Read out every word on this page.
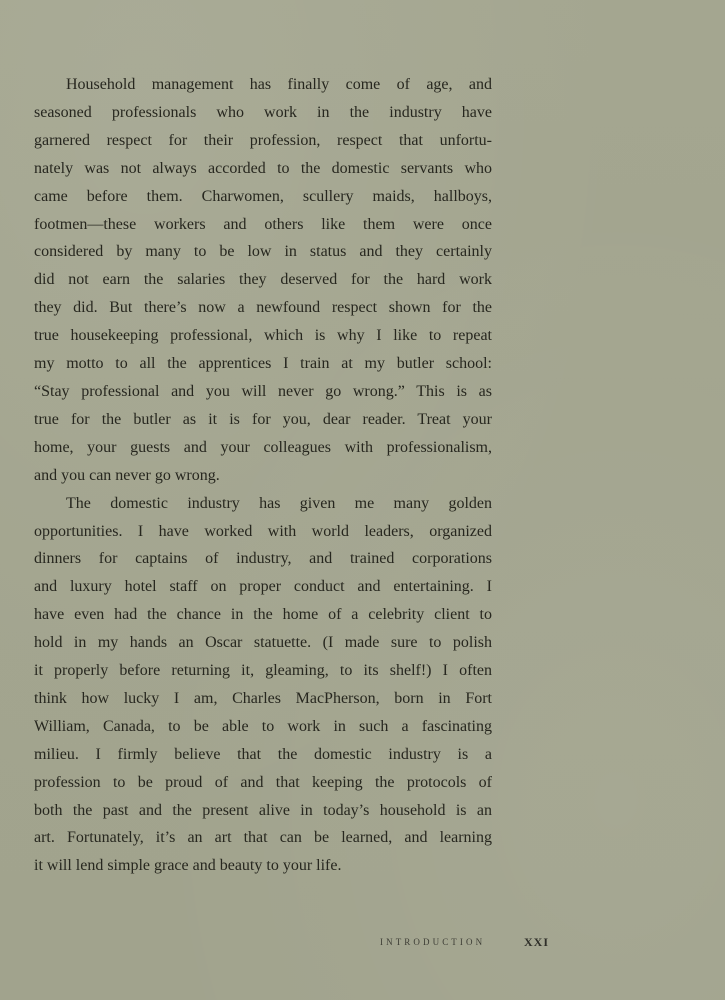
Household management has finally come of age, and
seasoned professionals who work in the industry have
garnered respect for their profession, respect that unfortu-
nately was not always accorded to the domestic servants who
came before them. Charwomen, scullery maids, hallboys,
footmen—these workers and others like them were once
considered by many to be low in status and they certainly
did not earn the salaries they deserved for the hard work
they did. But there’s now a newfound respect shown for the
true housekeeping professional, which is why I like to repeat
my motto to all the apprentices I train at my butler school:
“Stay professional and you will never go wrong.” This is as
true for the butler as it is for you, dear reader. Treat your
home, your guests and your colleagues with professionalism,
and you can never go wrong.

The domestic industry has given me many golden
opportunities. I have worked with world leaders, organized
dinners for captains of industry, and trained corporations
and luxury hotel staff on proper conduct and entertaining. I
have even had the chance in the home of a celebrity client to
hold in my hands an Oscar statuette. (I made sure to polish
it properly before returning it, gleaming, to its shelf!) I often
think how lucky I am, Charles MacPherson, born in Fort
William, Canada, to be able to work in such a fascinating
milieu. I firmly believe that the domestic industry is a
profession to be proud of and that keeping the protocols of
both the past and the present alive in today’s household is an
art. Fortunately, it’s an art that can be learned, and learning
it will lend simple grace and beauty to your life.

INTRODUCTION	XXI
